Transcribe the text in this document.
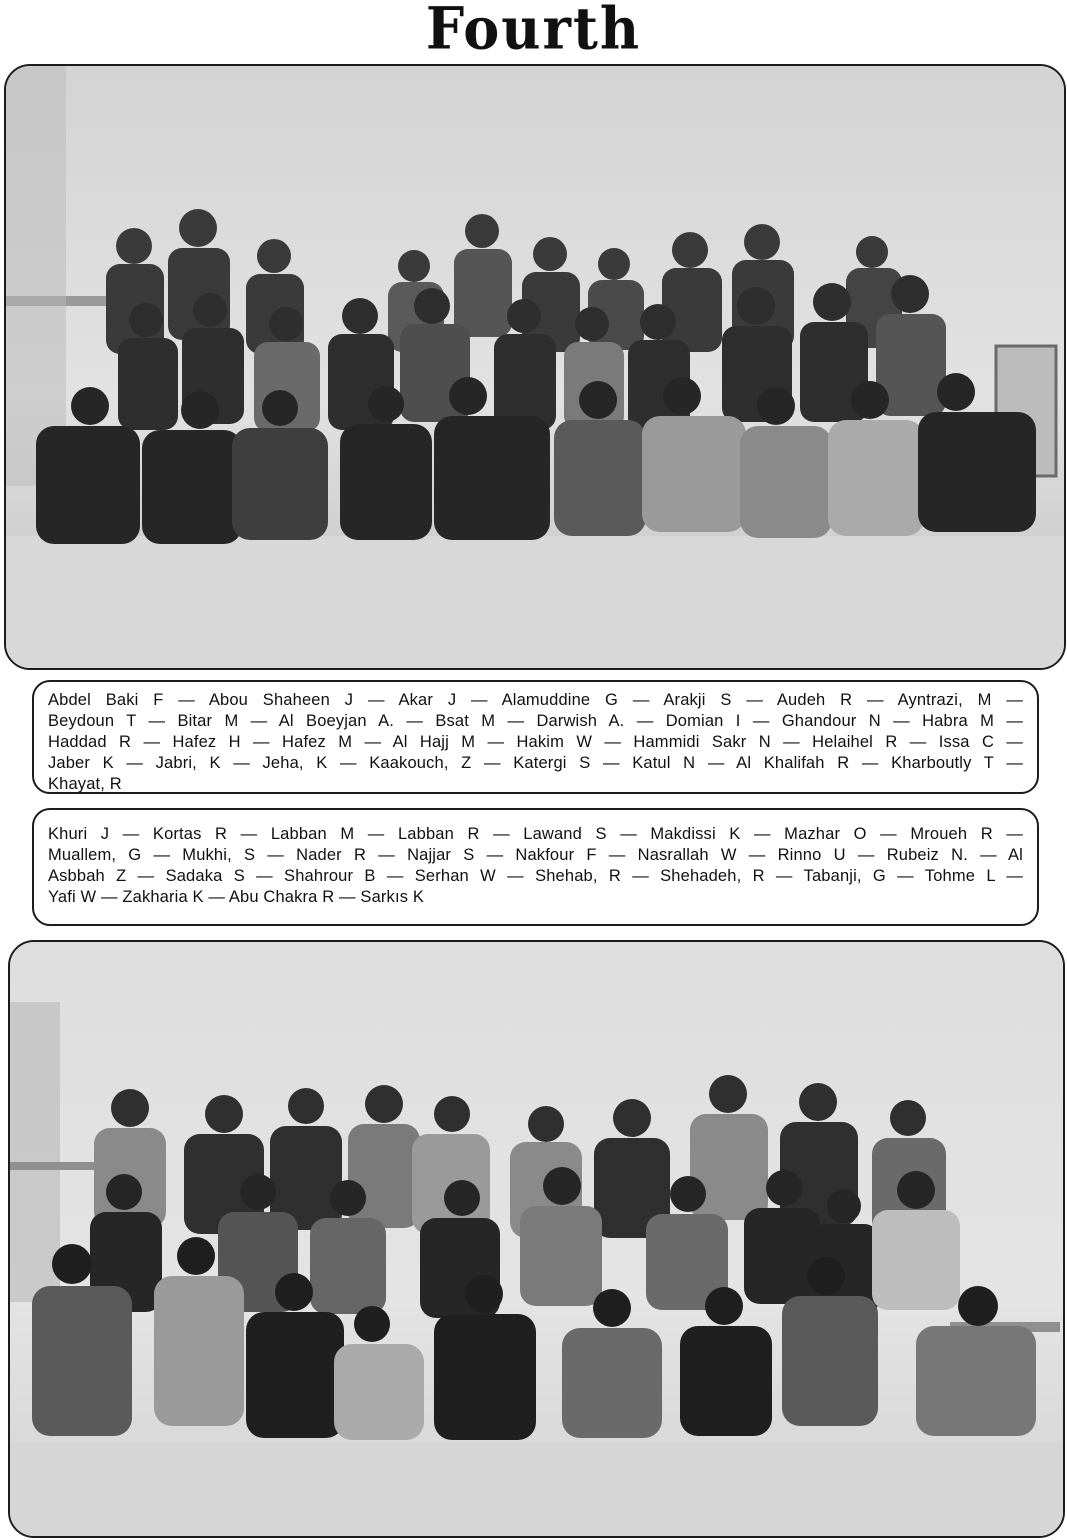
Fourth
Abdel Baki F — Abou Shaheen J — Akar J — Alamuddine G — Arakji S — Audeh R — Ayntrazi, M —
Beydoun T — Bitar M — Al Boeyjan A. — Bsat M — Darwish A. — Domian I — Ghandour N — Habra M —
Haddad R — Hafez H — Hafez M — Al Hajj M — Hakim W — Hammidi Sakr N — Helaihel R — Issa C —
Jaber K — Jabri, K — Jeha, K — Kaakouch, Z — Katergi S — Katul N — Al Khalifah R — Kharboutly T —
Khayat, R
Khuri J — Kortas R — Labban M — Labban R — Lawand S — Makdissi K — Mazhar O — Mroueh R —
Muallem, G — Mukhi, S — Nader R — Najjar S — Nakfour F — Nasrallah W — Rinno U — Rubeiz N. — Al
Asbbah Z — Sadaka S — Shahrour B — Serhan W — Shehab, R — Shehadeh, R — Tabanji, G — Tohme L —
Yafi W — Zakharia K — Abu Chakra R — Sarkıs K
